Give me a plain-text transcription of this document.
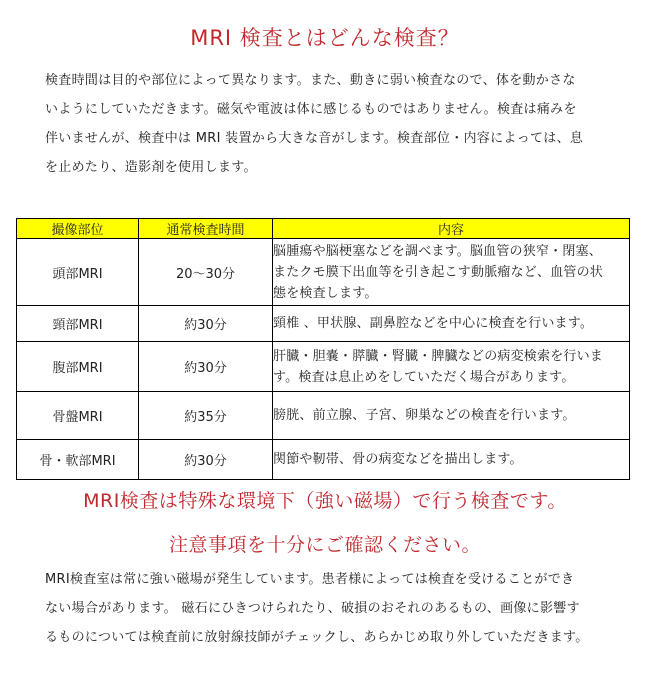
MRI 検査とはどんな検査？
検査時間は目的や部位によって異なります。また、動きに弱い検査なので、体を動かさな
いようにしていただきます。磁気や電波は体に感じるものではありません。検査は痛みを
伴いませんが、検査中は MRI 装置から大きな音がします。検査部位・内容によっては、息
を止めたり、造影剤を使用します。
撮像部位	通常検査時間	内容
頭部MRI	20～30分	脳腫瘍や脳梗塞などを調べます。脳血管の狭窄・閉塞、
またクモ膜下出血等を引き起こす動脈瘤など、血管の状
態を検査します。

頸部MRI	約30分	頸椎 、甲状腺、副鼻腔などを中心に検査を行います。

腹部MRI	約30分	肝臓・胆嚢・膵臓・腎臓・脾臓などの病変検索を行いま
す。検査は息止めをしていただく場合があります。

骨盤MRI	約35分	膀胱、前立腺、子宮、卵巣などの検査を行います。

骨・軟部MRI	約30分	関節や靭帯、骨の病変などを描出します。
MRI検査は特殊な環境下（強い磁場）で行う検査です。
注意事項を十分にご確認ください。
MRI検査室は常に強い磁場が発生しています。患者様によっては検査を受けることができ
ない場合があります。 磁石にひきつけられたり、破損のおそれのあるもの、画像に影響す
るものについては検査前に放射線技師がチェックし、あらかじめ取り外していただきます。
